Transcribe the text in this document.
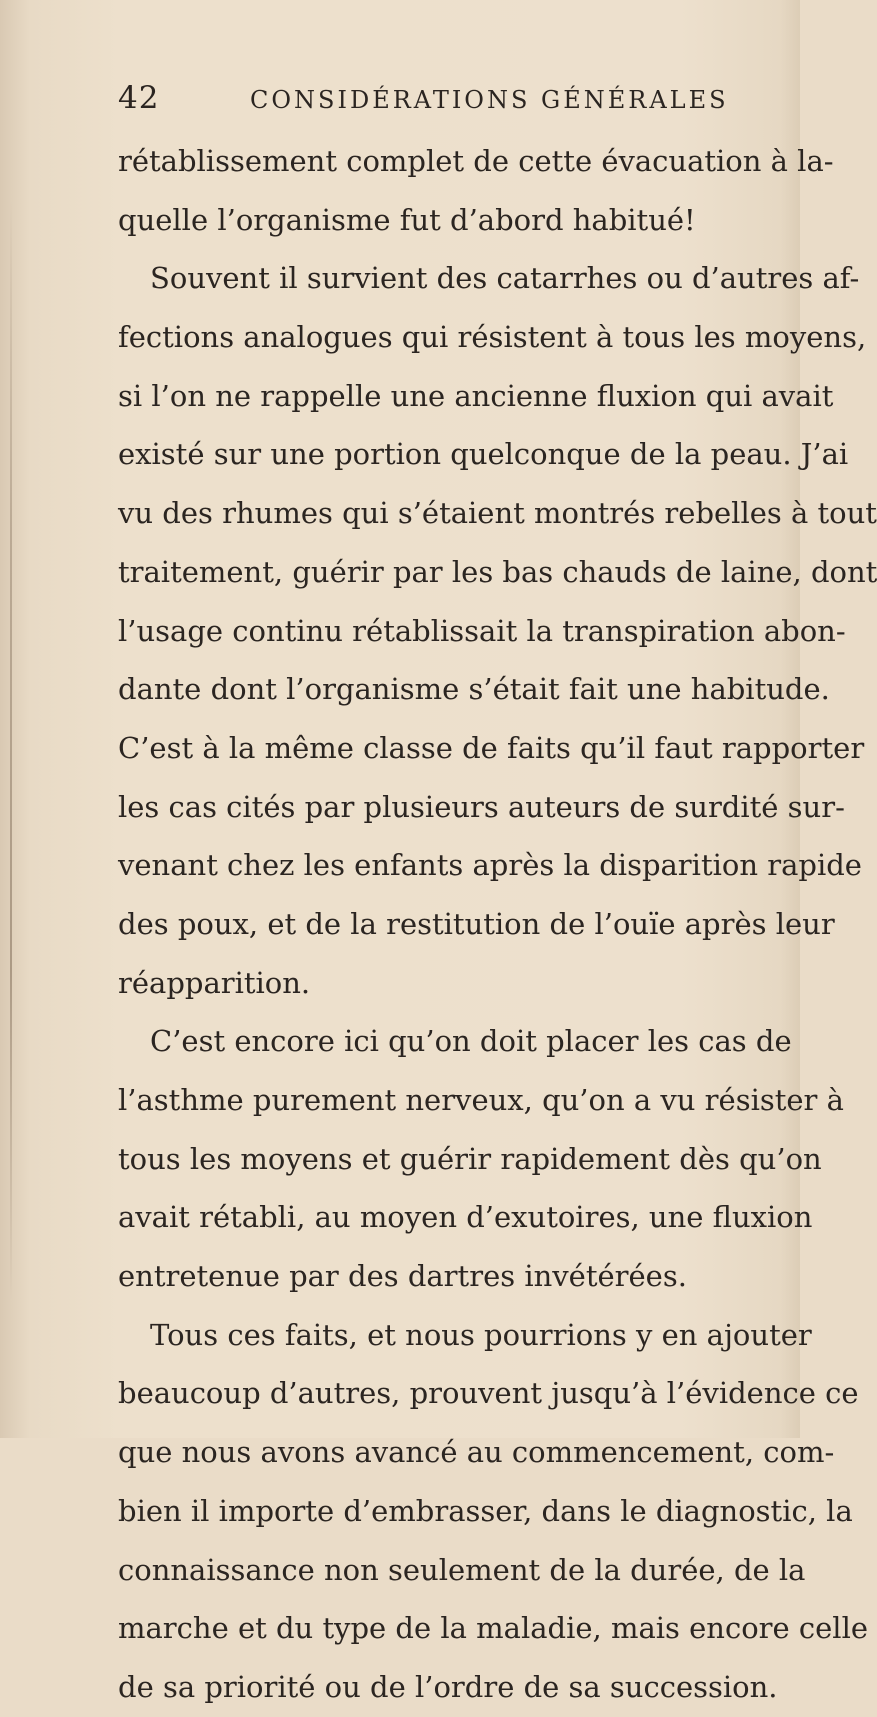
42	CONSIDÉRATIONS GÉNÉRALES
rétablissement complet de cette évacuation à la-
quelle l’organisme fut d’abord habitué!
Souvent il survient des catarrhes ou d’autres af-
fections analogues qui résistent à tous les moyens,
si l’on ne rappelle une ancienne fluxion qui avait
existé sur une portion quelconque de la peau. J’ai
vu des rhumes qui s’étaient montrés rebelles à tout
traitement, guérir par les bas chauds de laine, dont
l’usage continu rétablissait la transpiration abon-
dante dont l’organisme s’était fait une habitude.
C’est à la même classe de faits qu’il faut rapporter
les cas cités par plusieurs auteurs de surdité sur-
venant chez les enfants après la disparition rapide
des poux, et de la restitution de l’ouïe après leur
réapparition.
C’est encore ici qu’on doit placer les cas de
l’asthme purement nerveux, qu’on a vu résister à
tous les moyens et guérir rapidement dès qu’on
avait rétabli, au moyen d’exutoires, une fluxion
entretenue par des dartres invétérées.
Tous ces faits, et nous pourrions y en ajouter
beaucoup d’autres, prouvent jusqu’à l’évidence ce
que nous avons avancé au commencement, com-
bien il importe d’embrasser, dans le diagnostic, la
connaissance non seulement de la durée, de la
marche et du type de la maladie, mais encore celle
de sa priorité ou de l’ordre de sa succession.
